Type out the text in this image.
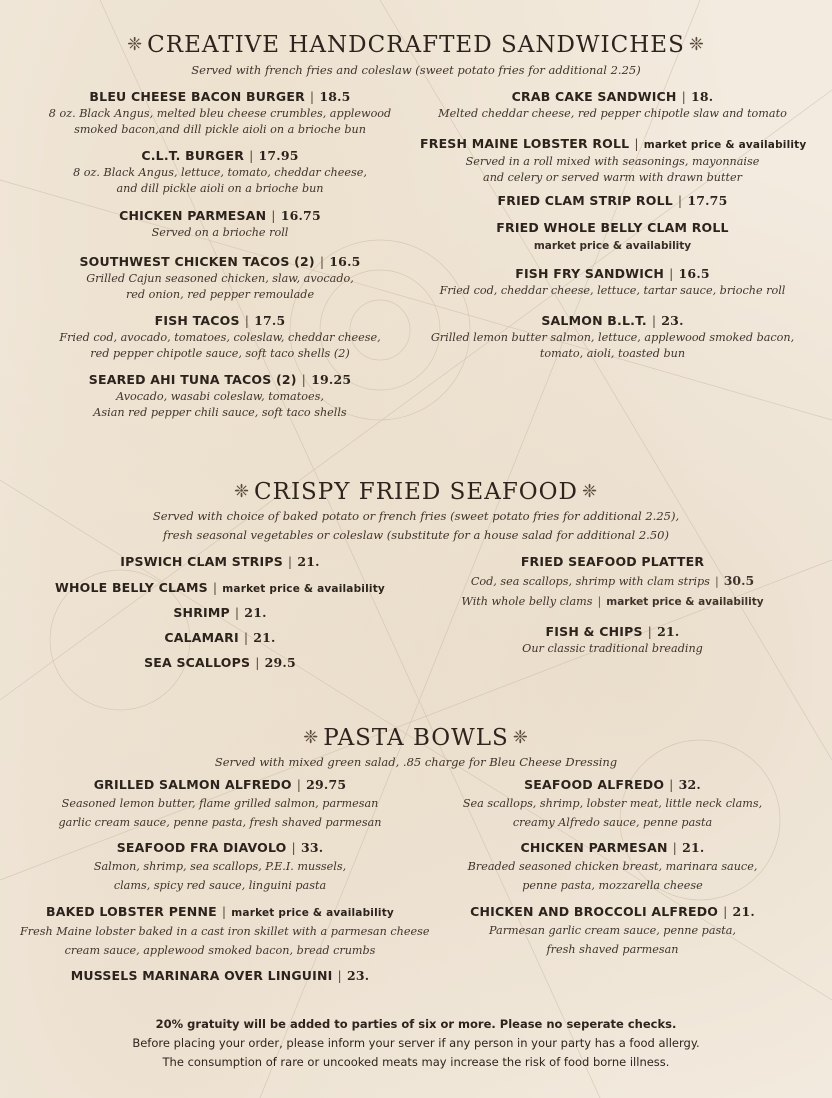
❈ CREATIVE HANDCRAFTED SANDWICHES ❈
Served with french fries and coleslaw (sweet potato fries for additional 2.25)
BLEU CHEESE BACON BURGER | 18.5
8 oz. Black Angus, melted bleu cheese crumbles, applewood
smoked bacon,and dill pickle aioli on a brioche bun
C.L.T. BURGER | 17.95
8 oz. Black Angus, lettuce, tomato, cheddar cheese,
and dill pickle aioli on a brioche bun
CHICKEN PARMESAN | 16.75
Served on a brioche roll
SOUTHWEST CHICKEN TACOS (2) | 16.5
Grilled Cajun seasoned chicken, slaw, avocado,
red onion, red pepper remoulade
FISH TACOS | 17.5
Fried cod, avocado, tomatoes, coleslaw, cheddar cheese,
red pepper chipotle sauce, soft taco shells (2)
SEARED AHI TUNA TACOS (2) | 19.25
Avocado, wasabi coleslaw, tomatoes,
Asian red pepper chili sauce, soft taco shells
CRAB CAKE SANDWICH | 18.
Melted cheddar cheese, red pepper chipotle slaw and tomato
FRESH MAINE LOBSTER ROLL | market price & availability
Served in a roll mixed with seasonings, mayonnaise
and celery or served warm with drawn butter
FRIED CLAM STRIP ROLL | 17.75
FRIED WHOLE BELLY CLAM ROLL
market price & availability
FISH FRY SANDWICH | 16.5
Fried cod, cheddar cheese, lettuce, tartar sauce, brioche roll
SALMON B.L.T. | 23.
Grilled lemon butter salmon, lettuce, applewood smoked bacon,
tomato, aioli, toasted bun
❈ CRISPY FRIED SEAFOOD ❈
Served with choice of baked potato or french fries (sweet potato fries for additional 2.25),
fresh seasonal vegetables or coleslaw (substitute for a house salad for additional 2.50)
IPSWICH CLAM STRIPS | 21.
WHOLE BELLY CLAMS | market price & availability
SHRIMP | 21.
CALAMARI | 21.
SEA SCALLOPS | 29.5
FRIED SEAFOOD PLATTER
Cod, sea scallops, shrimp with clam strips | 30.5
With whole belly clams | market price & availability
FISH & CHIPS | 21.
Our classic traditional breading
❈ PASTA BOWLS ❈
Served with mixed green salad, .85 charge for Bleu Cheese Dressing
GRILLED SALMON ALFREDO | 29.75
Seasoned lemon butter, flame grilled salmon, parmesan
garlic cream sauce, penne pasta, fresh shaved parmesan
SEAFOOD FRA DIAVOLO | 33.
Salmon, shrimp, sea scallops, P.E.I. mussels,
clams, spicy red sauce, linguini pasta
BAKED LOBSTER PENNE | market price & availability
Fresh Maine lobster baked in a cast iron skillet with a parmesan cheese
cream sauce, applewood smoked bacon, bread crumbs
MUSSELS MARINARA OVER LINGUINI | 23.
SEAFOOD ALFREDO | 32.
Sea scallops, shrimp, lobster meat, little neck clams,
creamy Alfredo sauce, penne pasta
CHICKEN PARMESAN | 21.
Breaded seasoned chicken breast, marinara sauce,
penne pasta, mozzarella cheese
CHICKEN AND BROCCOLI ALFREDO | 21.
Parmesan garlic cream sauce, penne pasta,
fresh shaved parmesan
20% gratuity will be added to parties of six or more. Please no seperate checks.
Before placing your order, please inform your server if any person in your party has a food allergy.
The consumption of rare or uncooked meats may increase the risk of food borne illness.
